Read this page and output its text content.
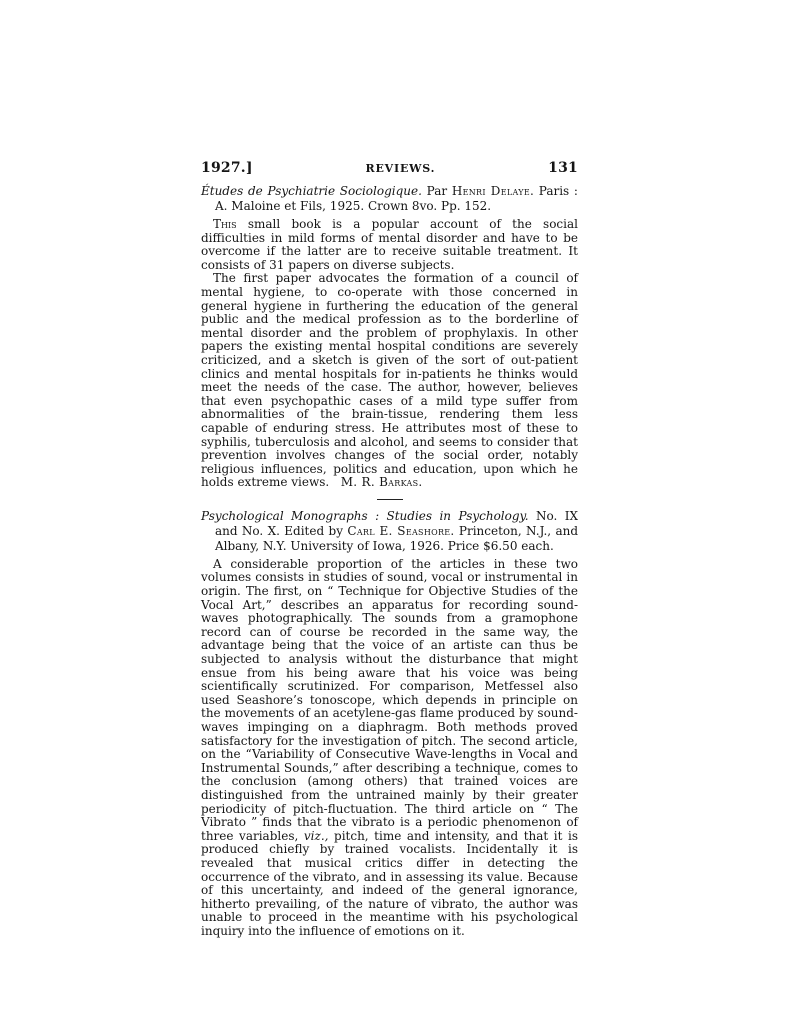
1927.]	REVIEWS.	131

Études de Psychiatrie Sociologique. Par Henri Delaye. Paris : A. Maloine et Fils, 1925. Crown 8vo. Pp. 152.

This small book is a popular account of the social difficulties in mild forms of mental disorder and have to be overcome if the latter are to receive suitable treatment. It consists of 31 papers on diverse subjects.

The first paper advocates the formation of a council of mental hygiene, to co-operate with those concerned in general hygiene in furthering the education of the general public and the medical profession as to the borderline of mental disorder and the problem of prophylaxis. In other papers the existing mental hospital conditions are severely criticized, and a sketch is given of the sort of out-patient clinics and mental hospitals for in-patients he thinks would meet the needs of the case. The author, however, believes that even psychopathic cases of a mild type suffer from abnormalities of the brain-tissue, rendering them less capable of enduring stress. He attributes most of these to syphilis, tuberculosis and alcohol, and seems to consider that prevention involves changes of the social order, notably religious influences, politics and education, upon which he holds extreme views. M. R. Barkas.

Psychological Monographs : Studies in Psychology. No. IX and No. X. Edited by Carl E. Seashore. Princeton, N.J., and Albany, N.Y. University of Iowa, 1926. Price $6.50 each.

A considerable proportion of the articles in these two volumes consists in studies of sound, vocal or instrumental in origin. The first, on “ Technique for Objective Studies of the Vocal Art,” describes an apparatus for recording sound-waves photographically. The sounds from a gramophone record can of course be recorded in the same way, the advantage being that the voice of an artiste can thus be subjected to analysis without the disturbance that might ensue from his being aware that his voice was being scientifically scrutinized. For comparison, Metfessel also used Seashore’s tonoscope, which depends in principle on the movements of an acetylene-gas flame produced by sound-waves impinging on a diaphragm. Both methods proved satisfactory for the investigation of pitch. The second article, on the “Variability of Consecutive Wave-lengths in Vocal and Instrumental Sounds,” after describing a technique, comes to the conclusion (among others) that trained voices are distinguished from the untrained mainly by their greater periodicity of pitch-fluctuation. The third article on “ The Vibrato ” finds that the vibrato is a periodic phenomenon of three variables, viz., pitch, time and intensity, and that it is produced chiefly by trained vocalists. Incidentally it is revealed that musical critics differ in detecting the occurrence of the vibrato, and in assessing its value. Because of this uncertainty, and indeed of the general ignorance, hitherto prevailing, of the nature of vibrato, the author was unable to proceed in the meantime with his psychological inquiry into the influence of emotions on it.
